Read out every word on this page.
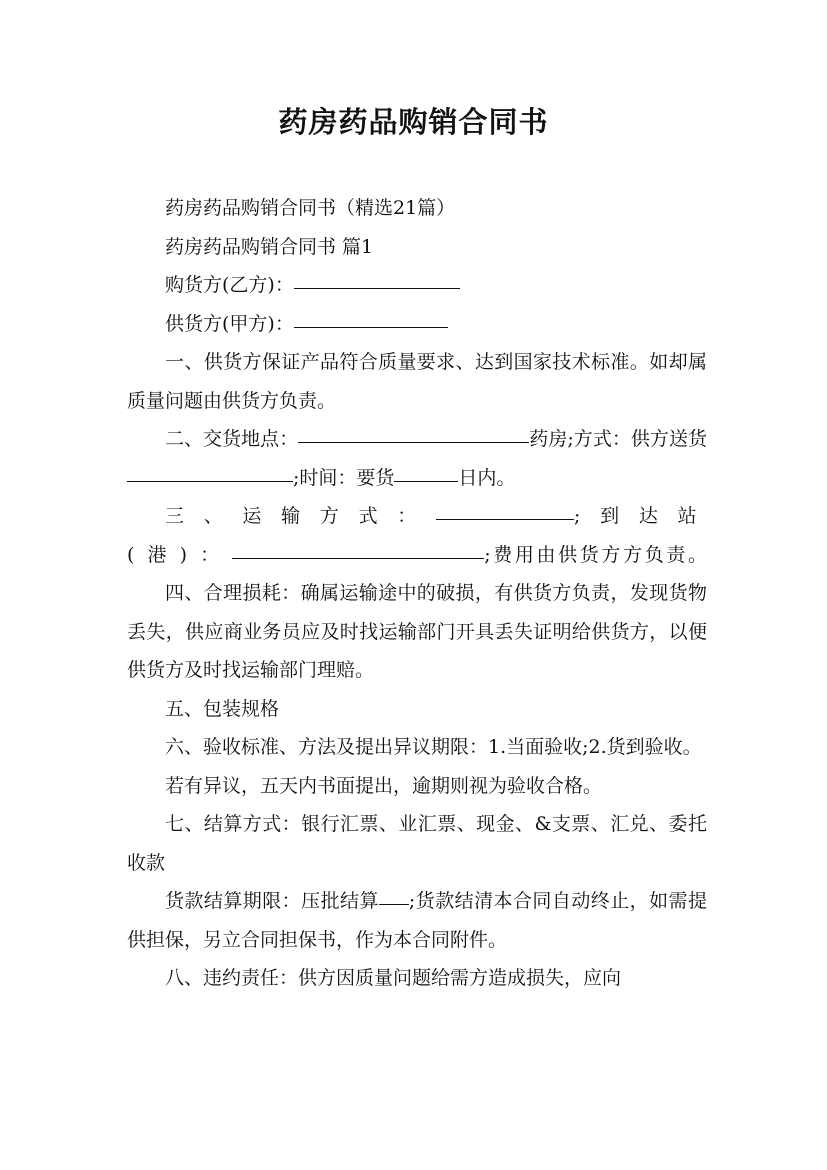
药房药品购销合同书

药房药品购销合同书（精选21篇）

药房药品购销合同书 篇1

购货方(乙方)：

供货方(甲方)：

一、供货方保证产品符合质量要求、达到国家技术标准。如却属质量问题由供货方负责。

二、交货地点：	药房;方式：供方送货;时间：要货	日内。

三、运输方式：	;到达站(港)：	;费用由供货方方负责。

四、合理损耗：确属运输途中的破损，有供货方负责，发现货物丢失，供应商业务员应及时找运输部门开具丢失证明给供货方，以便供货方及时找运输部门理赔。

五、包装规格

六、验收标准、方法及提出异议期限：1.当面验收;2.货到验收。

若有异议，五天内书面提出，逾期则视为验收合格。

七、结算方式：银行汇票、业汇票、现金、&支票、汇兑、委托收款

货款结算期限：压批结算 ;货款结清本合同自动终止，如需提供担保，另立合同担保书，作为本合同附件。

八、违约责任：供方因质量问题给需方造成损失，应向
